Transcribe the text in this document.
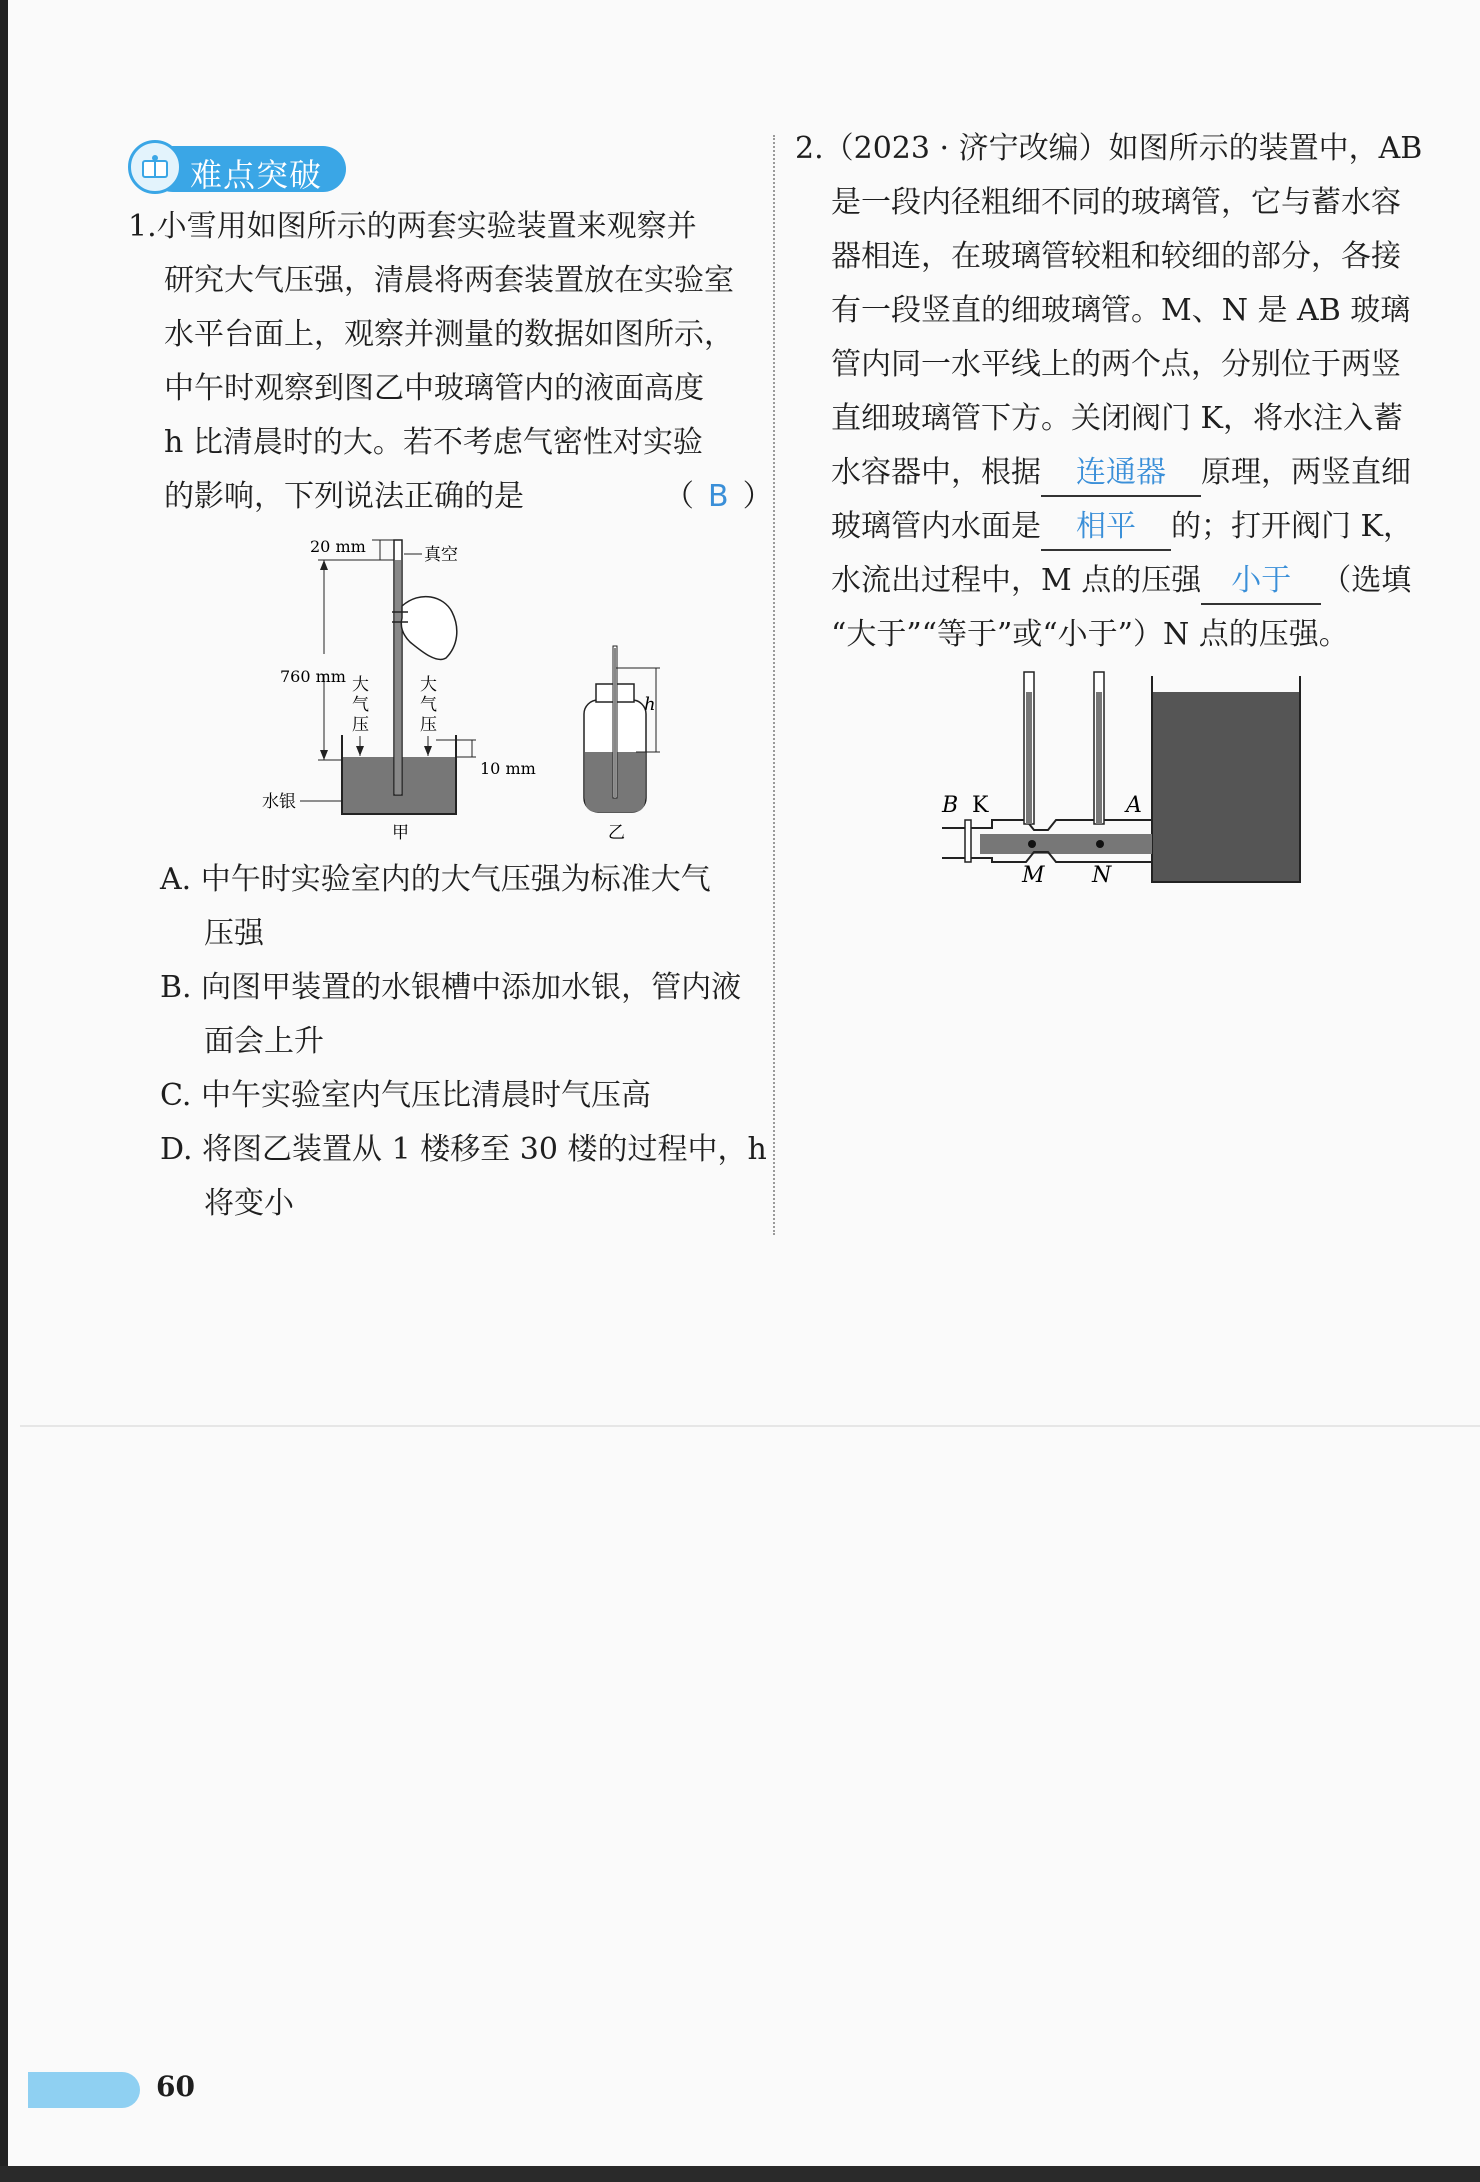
难点突破
1.小雪用如图所示的两套实验装置来观察并
研究大气压强，清晨将两套装置放在实验室
水平台面上，观察并测量的数据如图所示，
中午时观察到图乙中玻璃管内的液面高度
h 比清晨时的大。若不考虑气密性对实验
的影响，下列说法正确的是	（ B ）
真空
20 mm
760 mm 大
气
压
大
气
压
10 mm
水银
甲
h
乙
A. 中午时实验室内的大气压强为标准大气
压强
B. 向图甲装置的水银槽中添加水银，管内液
面会上升
C. 中午实验室内气压比清晨时气压高
D. 将图乙装置从 1 楼移至 30 楼的过程中，h
将变小
2.（2023 · 济宁改编）如图所示的装置中，AB
是一段内径粗细不同的玻璃管，它与蓄水容
器相连，在玻璃管较粗和较细的部分，各接
有一段竖直的细玻璃管。M、N 是 AB 玻璃
管内同一水平线上的两个点，分别位于两竖
直细玻璃管下方。关闭阀门 K，将水注入蓄
水容器中，根据 连通器 原理，两竖直细
玻璃管内水面是 相平 的；打开阀门 K，
水流出过程中，M 点的压强 小于 （选填
“大于”“等于”或“小于”）N 点的压强。
B K	A
M N
60
